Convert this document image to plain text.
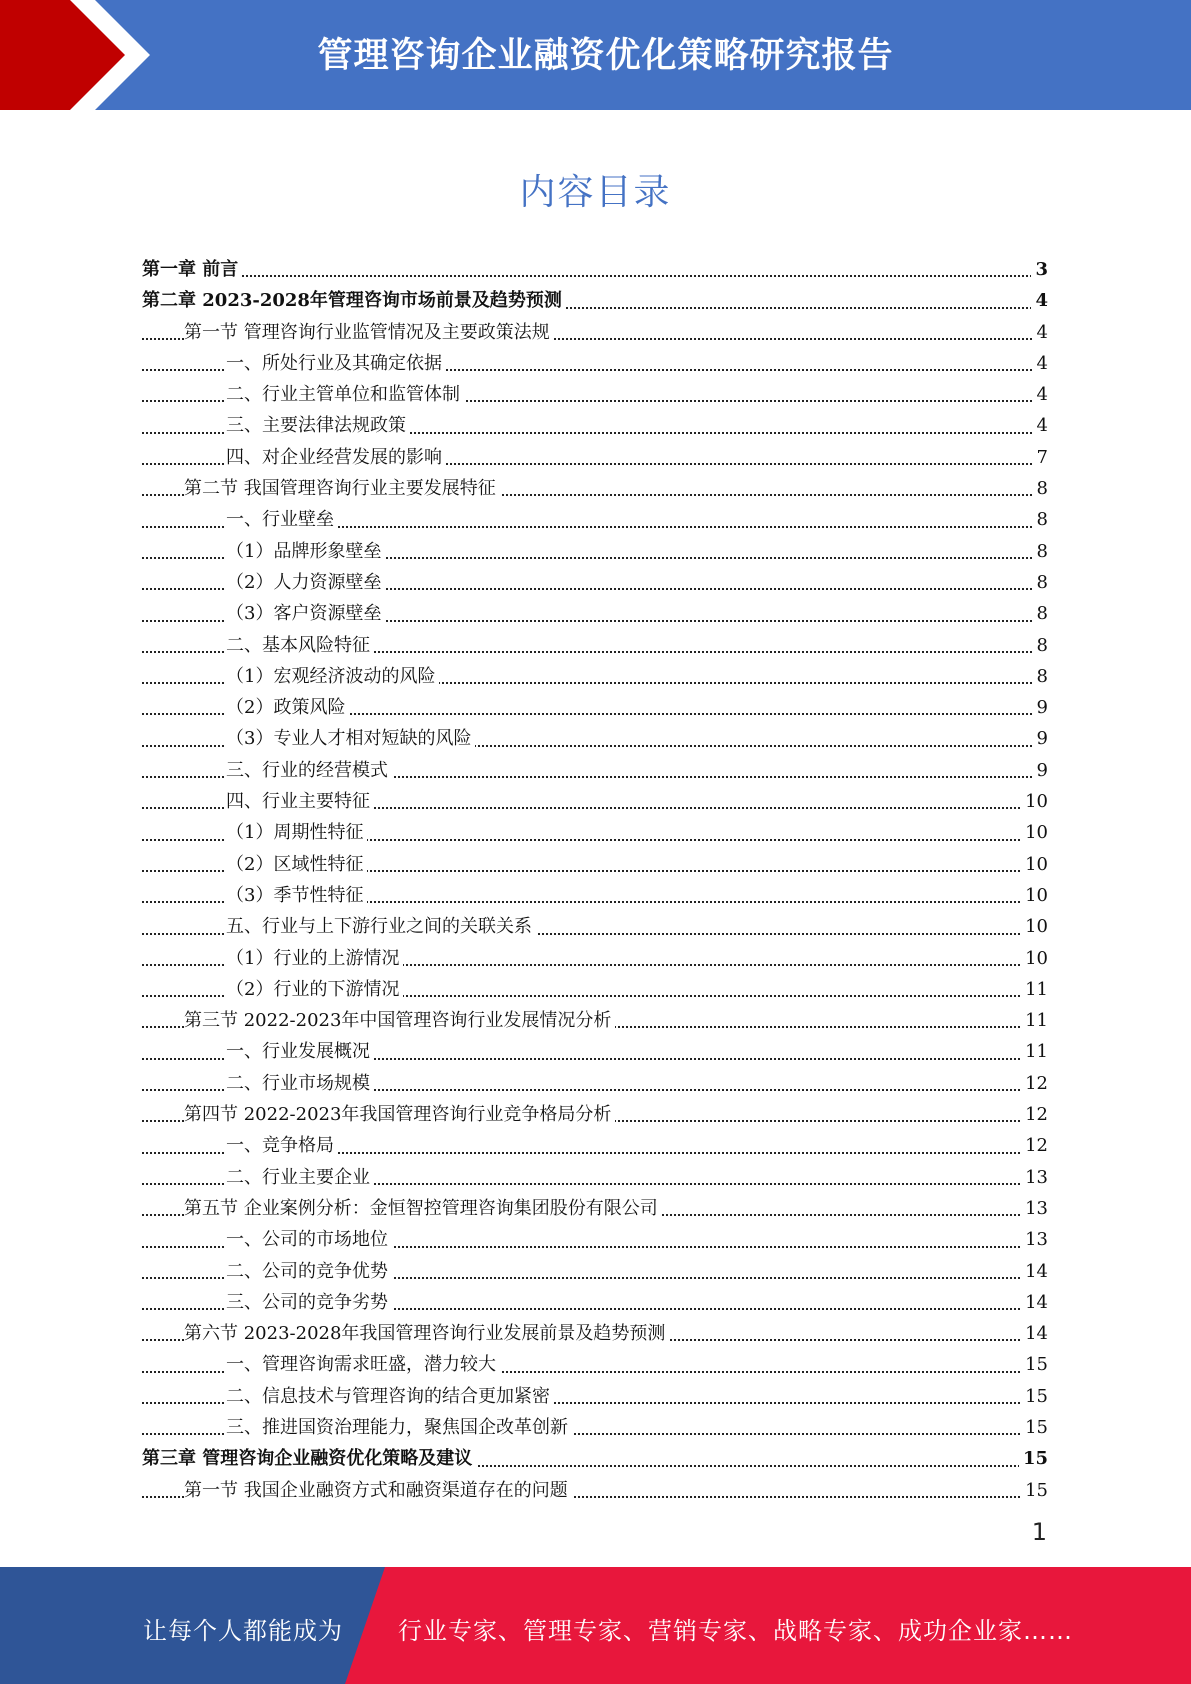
管理咨询企业融资优化策略研究报告
内容目录
第一章 前言	3
第二章 2023-2028年管理咨询市场前景及趋势预测	4
第一节 管理咨询行业监管情况及主要政策法规	4
一、所处行业及其确定依据	4
二、行业主管单位和监管体制	4
三、主要法律法规政策	4
四、对企业经营发展的影响	7
第二节 我国管理咨询行业主要发展特征	8
一、行业壁垒	8
（1）品牌形象壁垒	8
（2）人力资源壁垒	8
（3）客户资源壁垒	8
二、基本风险特征	8
（1）宏观经济波动的风险	8
（2）政策风险	9
（3）专业人才相对短缺的风险	9
三、行业的经营模式	9
四、行业主要特征	10
（1）周期性特征	10
（2）区域性特征	10
（3）季节性特征	10
五、行业与上下游行业之间的关联关系	10
（1）行业的上游情况	10
（2）行业的下游情况	11
第三节 2022-2023年中国管理咨询行业发展情况分析	11
一、行业发展概况	11
二、行业市场规模	12
第四节 2022-2023年我国管理咨询行业竞争格局分析	12
一、竞争格局	12
二、行业主要企业	13
第五节 企业案例分析：金恒智控管理咨询集团股份有限公司	13
一、公司的市场地位	13
二、公司的竞争优势	14
三、公司的竞争劣势	14
第六节 2023-2028年我国管理咨询行业发展前景及趋势预测	14
一、管理咨询需求旺盛，潜力较大	15
二、信息技术与管理咨询的结合更加紧密	15
三、推进国资治理能力，聚焦国企改革创新	15
第三章 管理咨询企业融资优化策略及建议	15
第一节 我国企业融资方式和融资渠道存在的问题	15
1
让每个人都能成为 行业专家、管理专家、营销专家、战略专家、成功企业家……
